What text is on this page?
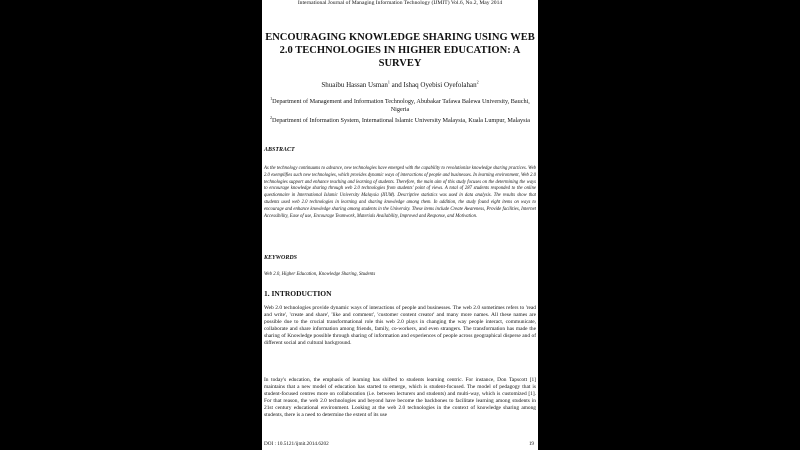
International Journal of Managing Information Technology (IJMIT) Vol.6, No.2, May 2014
ENCOURAGING KNOWLEDGE SHARING USING WEB
2.0 TECHNOLOGIES IN HIGHER EDUCATION: A
SURVEY
Shuaibu Hassan Usman$^1$ and Ishaq Oyebisi Oyefolahan$^2$
$^1$Department of Management and Information Technology, Abubakar Tafawa Balewa University, Bauchi, Nigeria
$^2$Department of Information System, International Islamic University Malaysia, Kuala Lumpur, Malaysia
ABSTRACT

As the technology continuums to advance, new technologies have emerged with the capability to revolutionize knowledge sharing practices. Web 2.0 exemplifies such new technologies, which provides dynamic ways of interactions of people and businesses. In learning environment, Web 2.0 technologies support and enhance teaching and learning of students. Therefore, the main aim of this study focuses on the determining the ways to encourage knowledge sharing through web 2.0 technologies from students' point of views. A total of 287 students responded to the online questionnaire in International Islamic University Malaysia (IIUM). Descriptive statistics was used in data analysis. The results show that students used web 2.0 technologies in learning and sharing knowledge among them. In addition, the study found eight items on ways to encourage and enhance knowledge sharing among students in the University. These items include Create Awareness, Provide facilities, Internet Accessibility, Ease of use, Encourage Teamwork, Materials Availability, Improved and Response, and Motivation.

KEYWORDS

Web 2.0, Higher Education, Knowledge Sharing, Students

1. INTRODUCTION

Web 2.0 technologies provide dynamic ways of interactions of people and businesses. The web 2.0 sometimes refers to 'read and write', 'create and share', 'like and comment', 'customer content creator' and many more names. All these names are possible due to the crucial transformational role this web 2.0 plays in changing the way people interact, communicate, collaborate and share information among friends, family, co-workers, and even strangers. The transformation has made the sharing of Knowledge possible through sharing of information and experiences of people across geographical disperse and of different social and cultural background.

In today's education, the emphasis of learning has shifted to students learning centric. For instance, Don Tapscott [1] maintains that a new model of education has started to emerge, which is student-focused. The model of pedagogy that is student-focused centres more on collaboration (i.e. between lecturers and students) and multi-way, which is customized [1]. For that reason, the web 2.0 technologies and beyond have become the backbones to facilitate learning among students in 21st century educational environment. Looking at the web 2.0 technologies in the context of knowledge sharing among students, there is a need to determine the extent of its use

DOI : 10.5121/ijmit.2014.6202	19
